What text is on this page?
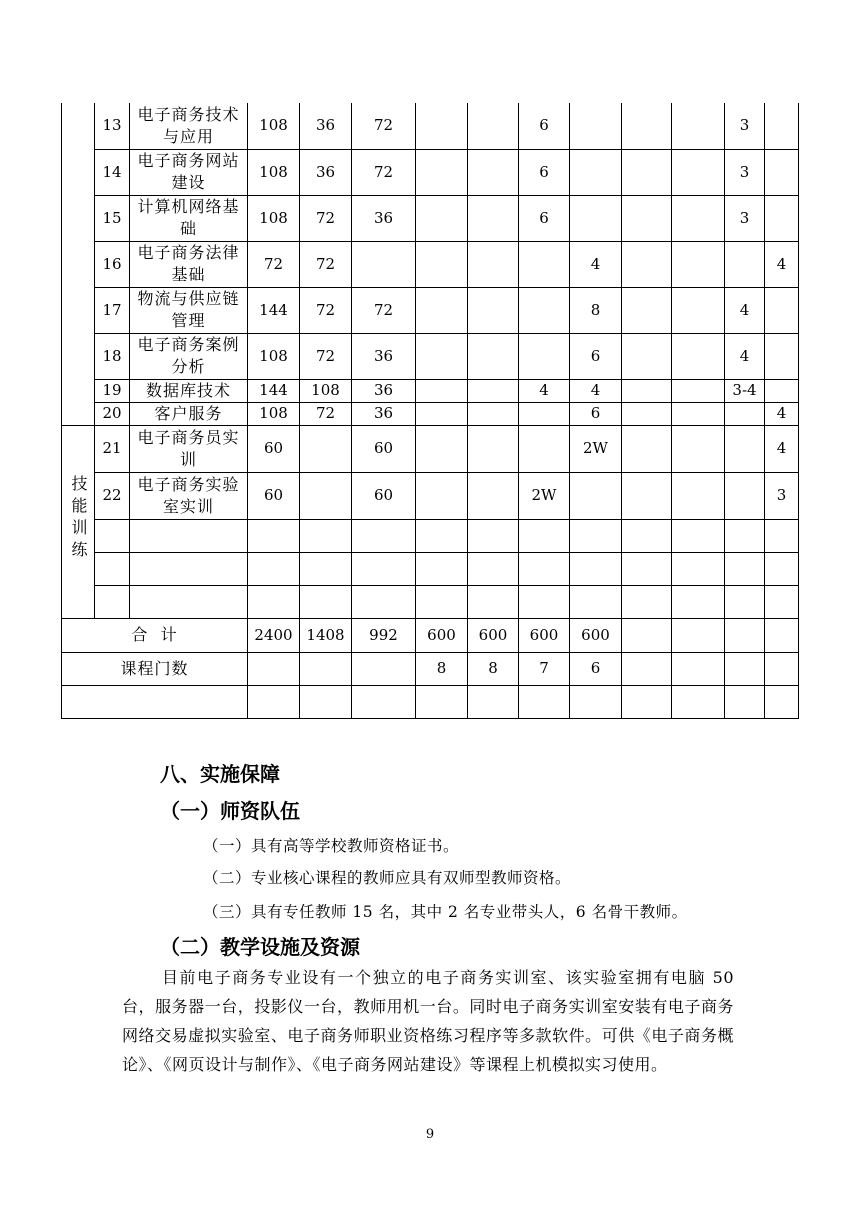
	13	电子商务技术与应用	108	36	72			6				3	
	14	电子商务网站建设	108	36	72			6				3	
	15	计算机网络基础	108	72	36			6				3	
	16	电子商务法律基础	72	72					4				4
	17	物流与供应链管理	144	72	72				8			4	
	18	电子商务案例分析	108	72	36				6			4	
	19	数据库技术	144	108	36			4	4			3-4	
	20	客户服务	108	72	36				6				4
技能训练	21	电子商务员实训	60		60				2W				4
	22	电子商务实验室实训	60		60			2W					3

合  计			2400	1408	992	600	600	600	600				
课程门数						8	8	7	6				

八、实施保障
（一）师资队伍

（一）具有高等学校教师资格证书。

（二）专业核心课程的教师应具有双师型教师资格。

（三）具有专任教师 15 名，其中 2 名专业带头人，6 名骨干教师。

（二）教学设施及资源

目前电子商务专业设有一个独立的电子商务实训室、该实验室拥有电脑 50 台，服务器一台，投影仪一台，教师用机一台。同时电子商务实训室安装有电子商务网络交易虚拟实验室、电子商务师职业资格练习程序等多款软件。可供《电子商务概论》、《网页设计与制作》、《电子商务网站建设》等课程上机模拟实习使用。

9
